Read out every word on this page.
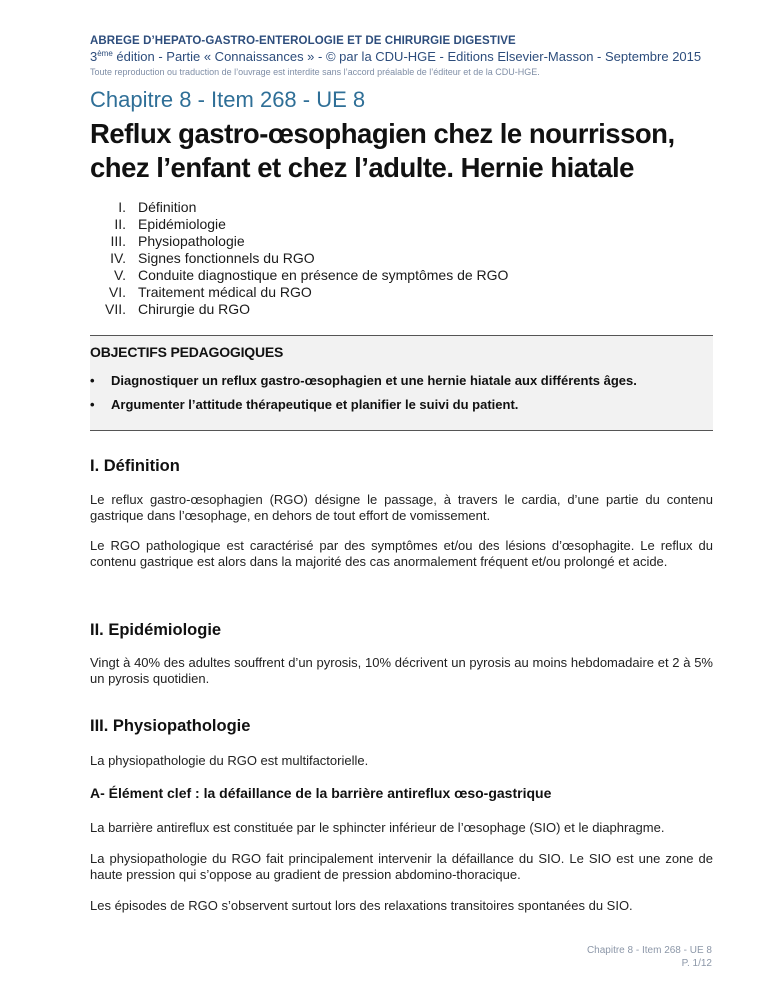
ABREGE D’HEPATO-GASTRO-ENTEROLOGIE ET DE CHIRURGIE DIGESTIVE
3ème édition - Partie « Connaissances » - © par la CDU-HGE - Editions Elsevier-Masson - Septembre 2015
Toute reproduction ou traduction de l’ouvrage est interdite sans l’accord préalable de l’éditeur et de la CDU-HGE.
Chapitre 8 - Item 268 - UE 8
Reflux gastro-œsophagien chez le nourrisson,
chez l’enfant et chez l’adulte. Hernie hiatale
I. Définition
II. Epidémiologie
III. Physiopathologie
IV. Signes fonctionnels du RGO
V. Conduite diagnostique en présence de symptômes de RGO
VI. Traitement médical du RGO
VII. Chirurgie du RGO
OBJECTIFS PEDAGOGIQUES
•	Diagnostiquer un reflux gastro-œsophagien et une hernie hiatale aux différents âges.
•	Argumenter l’attitude thérapeutique et planifier le suivi du patient.
I. Définition
Le reflux gastro-œsophagien (RGO) désigne le passage, à travers le cardia, d’une partie du contenu gastrique dans l’œsophage, en dehors de tout effort de vomissement.
Le RGO pathologique est caractérisé par des symptômes et/ou des lésions d’œsophagite. Le reflux du contenu gastrique est alors dans la majorité des cas anormalement fréquent et/ou prolongé et acide.
II. Epidémiologie
Vingt à 40% des adultes souffrent d’un pyrosis, 10% décrivent un pyrosis au moins hebdomadaire et 2 à 5% un pyrosis quotidien.
III. Physiopathologie
La physiopathologie du RGO est multifactorielle.
A- Élément clef : la défaillance de la barrière antireflux œso-gastrique
La barrière antireflux est constituée par le sphincter inférieur de l’œsophage (SIO) et le diaphragme.
La physiopathologie du RGO fait principalement intervenir la défaillance du SIO. Le SIO est une zone de haute pression qui s’oppose au gradient de pression abdomino-thoracique.
Les épisodes de RGO s’observent surtout lors des relaxations transitoires spontanées du SIO.
Chapitre 8 - Item 268 - UE 8
P. 1/12
